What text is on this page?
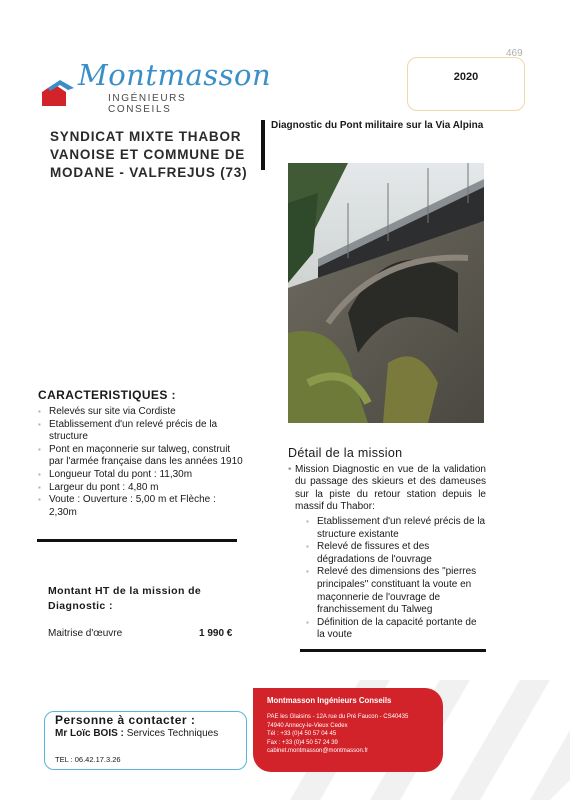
469
Montmasson
INGÉNIEURS CONSEILS
2020
SYNDICAT MIXTE THABOR VANOISE ET COMMUNE DE MODANE - VALFREJUS (73)
Diagnostic du Pont militaire sur la Via Alpina
CARACTERISTIQUES :
▪ Relevés sur site via Cordiste
▪ Etablissement d'un relevé précis de la structure
▪ Pont en maçonnerie sur talweg, construit par l'armée française dans les années 1910
▪ Longueur Total du pont : 11,30m
▪ Largeur du pont : 4,80 m
▪ Voute : Ouverture : 5,00 m et Flèche : 2,30m
Montant HT de la mission de Diagnostic :
Maitrise d'œuvre	1 990 €
Détail de la mission
• Mission Diagnostic en vue de la validation du passage des skieurs et des dameuses sur la piste du retour station depuis le massif du Thabor:
▪ Etablissement d'un relevé précis de la structure existante
▪ Relevé de fissures et des dégradations de l'ouvrage
▪ Relevé des dimensions des "pierres principales" constituant la voute en maçonnerie de l'ouvrage de franchissement du Talweg
▪ Définition de la capacité portante de la voute
Personne à contacter :
Mr Loïc BOIS : Services Techniques
TEL : 06.42.17.3.26
Montmasson Ingénieurs Conseils
PAE les Glaisins - 12A rue du Pré Faucon - CS40435
74940 Annecy-le-Vieux Cedex
Tél : +33 (0)4 50 57 04 45
Fax : +33 (0)4 50 57 24 39
cabinet.montmasson@montmasson.fr
